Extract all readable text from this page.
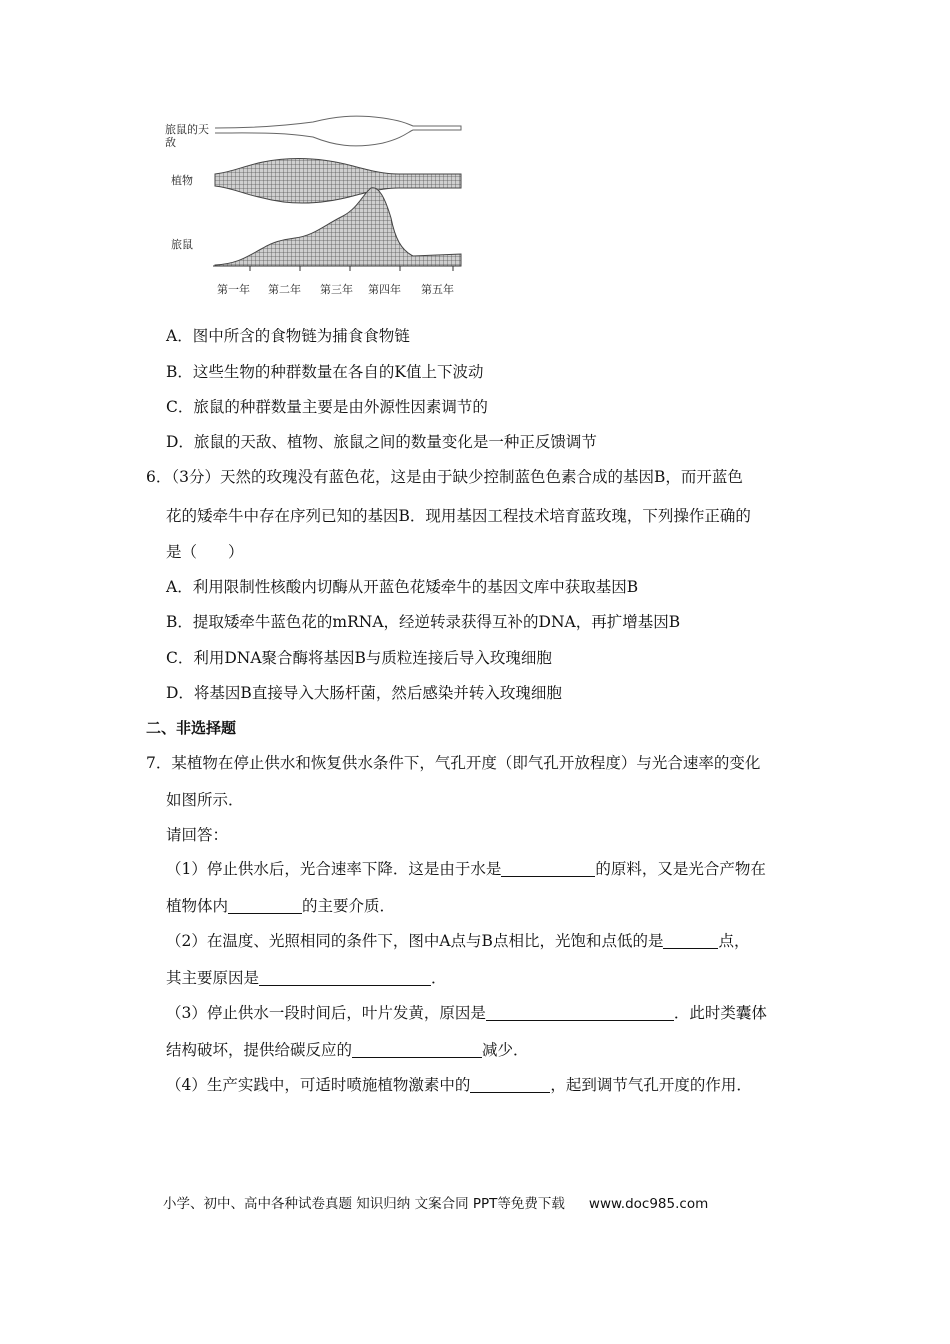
旅鼠的天敌
植物
旅鼠
第一年 第二年 第三年 第四年 第五年
A．图中所含的食物链为捕食食物链
B．这些生物的种群数量在各自的K值上下波动
C．旅鼠的种群数量主要是由外源性因素调节的
D．旅鼠的天敌、植物、旅鼠之间的数量变化是一种正反馈调节
6．（3分）天然的玫瑰没有蓝色花，这是由于缺少控制蓝色色素合成的基因B，而开蓝色
花的矮牵牛中存在序列已知的基因B．现用基因工程技术培育蓝玫瑰，下列操作正确的
是（　　）
A．利用限制性核酸内切酶从开蓝色花矮牵牛的基因文库中获取基因B
B．提取矮牵牛蓝色花的mRNA，经逆转录获得互补的DNA，再扩增基因B
C．利用DNA聚合酶将基因B与质粒连接后导入玫瑰细胞
D．将基因B直接导入大肠杆菌，然后感染并转入玫瑰细胞
二、非选择题
7．某植物在停止供水和恢复供水条件下，气孔开度（即气孔开放程度）与光合速率的变化
如图所示．
请回答：
（1）停止供水后，光合速率下降．这是由于水是	的原料，又是光合产物在
植物体内	的主要介质．
（2）在温度、光照相同的条件下，图中A点与B点相比，光饱和点低的是	点，
其主要原因是	．
（3）停止供水一段时间后，叶片发黄，原因是	．此时类囊体
结构破坏，提供给碳反应的	减少．
（4）生产实践中，可适时喷施植物激素中的	，起到调节气孔开度的作用．
小学、初中、高中各种试卷真题 知识归纳 文案合同 PPT等免费下载 www.doc985.com
